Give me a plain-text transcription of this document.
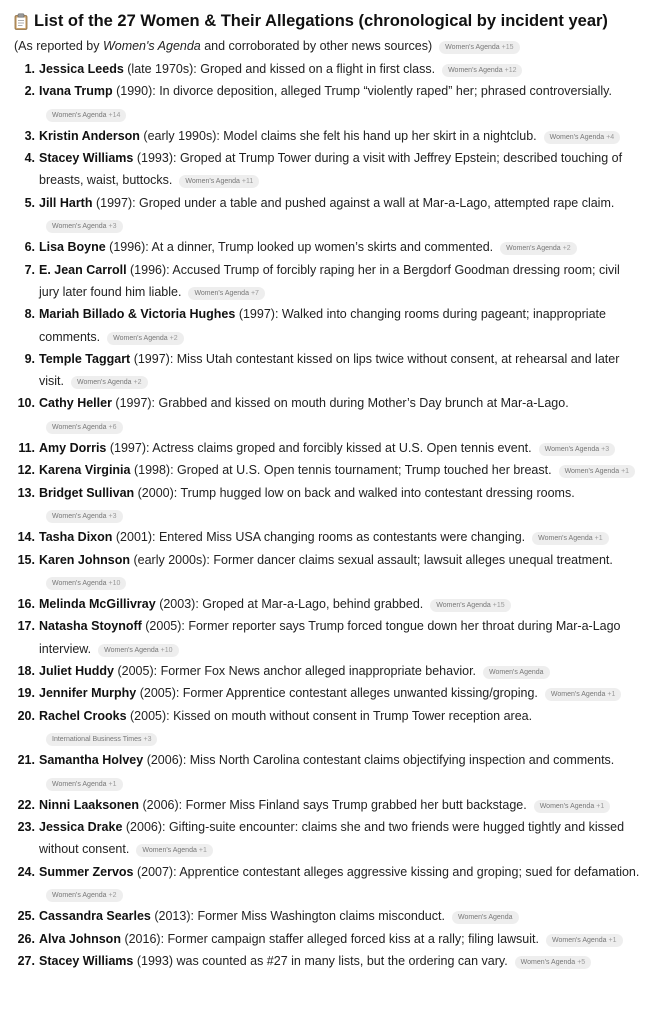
List of the 27 Women & Their Allegations (chronological by incident year)

(As reported by Women's Agenda and corroborated by other news sources) Women's Agenda +15

1. Jessica Leeds (late 1970s): Groped and kissed on a flight in first class. Women's Agenda +12
2. Ivana Trump (1990): In divorce deposition, alleged Trump “violently raped” her; phrased controversially.Women's Agenda +14
3. Kristin Anderson (early 1990s): Model claims she felt his hand up her skirt in a nightclub. Women's Agenda +4
4. Stacey Williams (1993): Groped at Trump Tower during a visit with Jeffrey Epstein; described touching of breasts, waist, buttocks. Women's Agenda +11
5. Jill Harth (1997): Groped under a table and pushed against a wall at Mar-a-Lago, attempted rape claim.Women's Agenda +3
6. Lisa Boyne (1996): At a dinner, Trump looked up women’s skirts and commented. Women's Agenda +2
7. E. Jean Carroll (1996): Accused Trump of forcibly raping her in a Bergdorf Goodman dressing room; civil jury later found him liable. Women's Agenda +7
8. Mariah Billado & Victoria Hughes (1997): Walked into changing rooms during pageant; inappropriate comments. Women's Agenda +2
9. Temple Taggart (1997): Miss Utah contestant kissed on lips twice without consent, at rehearsal and later visit. Women's Agenda +2
10. Cathy Heller (1997): Grabbed and kissed on mouth during Mother’s Day brunch at Mar-a-Lago.Women's Agenda +6
11. Amy Dorris (1997): Actress claims groped and forcibly kissed at U.S. Open tennis event. Women's Agenda +3
12. Karena Virginia (1998): Groped at U.S. Open tennis tournament; Trump touched her breast. Women's Agenda +1
13. Bridget Sullivan (2000): Trump hugged low on back and walked into contestant dressing rooms.Women's Agenda +3
14. Tasha Dixon (2001): Entered Miss USA changing rooms as contestants were changing. Women's Agenda +1
15. Karen Johnson (early 2000s): Former dancer claims sexual assault; lawsuit alleges unequal treatment.Women's Agenda +10
16. Melinda McGillivray (2003): Groped at Mar-a-Lago, behind grabbed. Women's Agenda +15
17. Natasha Stoynoff (2005): Former reporter says Trump forced tongue down her throat during Mar-a-Lago interview. Women's Agenda +10
18. Juliet Huddy (2005): Former Fox News anchor alleged inappropriate behavior. Women's Agenda
19. Jennifer Murphy (2005): Former Apprentice contestant alleges unwanted kissing/groping. Women's Agenda +1
20. Rachel Crooks (2005): Kissed on mouth without consent in Trump Tower reception area.International Business Times +3
21. Samantha Holvey (2006): Miss North Carolina contestant claims objectifying inspection and comments.Women's Agenda +1
22. Ninni Laaksonen (2006): Former Miss Finland says Trump grabbed her butt backstage. Women's Agenda +1
23. Jessica Drake (2006): Gifting-suite encounter: claims she and two friends were hugged tightly and kissed without consent. Women's Agenda +1
24. Summer Zervos (2007): Apprentice contestant alleges aggressive kissing and groping; sued for defamation.Women's Agenda +2
25. Cassandra Searles (2013): Former Miss Washington claims misconduct. Women's Agenda
26. Alva Johnson (2016): Former campaign staffer alleged forced kiss at a rally; filing lawsuit. Women's Agenda +1
27. Stacey Williams (1993) was counted as #27 in many lists, but the ordering can vary. Women's Agenda +5
